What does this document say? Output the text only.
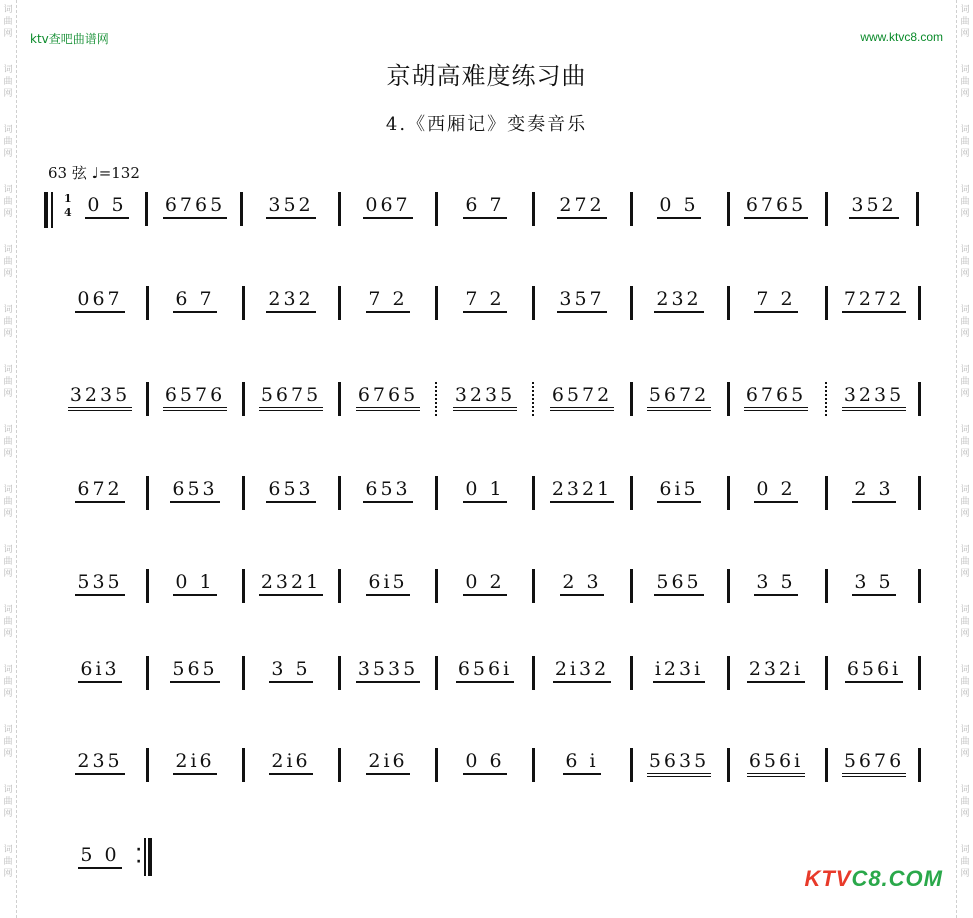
词
曲
网
词
曲
网
词
曲
网
词
曲
网
词
曲
网
词
曲
网
词
曲
网
词
曲
网
词
曲
网
词
曲
网
词
曲
网
词
曲
网
词
曲
网
词
曲
网
词
曲
网
词
曲
网
词
曲
网
词
曲
网
词
曲
网
词
曲
网
词
曲
网
词
曲
网
词
曲
网
词
曲
网
词
曲
网
词
曲
网
词
曲
网
词
曲
网
词
曲
网
词
曲
网
ktv查吧曲谱网	www.ktvc8.com
京胡高难度练习曲
4.《西厢记》变奏音乐
63 弦 ♩=132
1
4 0 5	6765	352	067	6 7	272	0 5	6765	352
067	6 7	232	7 2	7 2	357	232	7 2	7272
3235	6576	5675	6765	3235	6572	5672	6765	3235
672	653	653	653	0 1	2321	6i5	0 2	2 3
535	0 1	2321	6i5	0 2	2 3	565	3 5	3 5
6i3	565	3 5	3535	656i	2i32	i23i	232i	656i
235	2i6	2i6	2i6	0 6	6 i	5635	656i	5676
5 0	·
·
KTVC8.COM
